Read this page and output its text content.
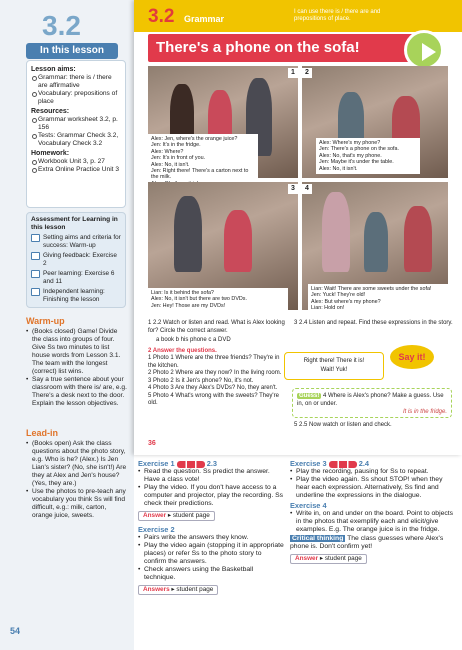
3.2
In this lesson
Lesson aims:
Grammar: there is / there are affirmative
Vocabulary: prepositions of place
Resources:
Grammar worksheet 3.2, p. 156
Tests: Grammar Check 3.2, Vocabulary Check 3.2
Homework:
Workbook Unit 3, p. 27
Extra Online Practice Unit 3
Assessment for Learning in this lesson
Setting aims and criteria for success: Warm-up
Giving feedback: Exercise 2
Peer learning: Exercise 6 and 11
Independent learning: Finishing the lesson
Warm-up
• (Books closed) Game! Divide the class into groups of four. Give Ss two minutes to list house words from Lesson 3.1. The team with the longest (correct) list wins.
• Say a true sentence about your classroom with there is/ are, e.g. There's a desk next to the door. Explain the lesson objectives.
Lead-in
• (Books open) Ask the class questions about the photo story, e.g. Who is he? (Alex.) Is Jen Lian's sister? (No, she isn't!) Are they at Alex and Jen's house? (Yes, they are.)
• Use the photos to pre-teach any vocabulary you think Ss will find difficult, e.g.: milk, carton, orange juice, sweets.
54
3.2 Grammar
I can use there is / there are and prepositions of place.
There's a phone on the sofa!
1
Alex: Jen, where's the orange juice?
Jen: It's in the fridge.
Alex: Where?
Jen: It's in front of you.
Alex: No, it isn't.
Jen: Right there! There's a carton next to the milk.
2
Alex: Where's my phone?
Jen: There's a phone on the sofa.
Alex: No, that's my phone.
Jen: Maybe it's under the table.
Alex: No, it isn't.
3
Lian: Is it behind the sofa?
Alex: No, it isn't but there are two DVDs.
Jen: Hey! Those are my DVDs!
4
Lian: Wait! There are some sweets under the sofa!
Jen: Yuck! They're old!
Alex: But where's my phone?
Lian: Hold on!
1 2.2 Watch or listen and read. What is Alex looking for? Circle the correct answer.
a book b his phone c a DVD
2 Answer the questions.
1 Photo 1 Where are the three friends? They're in the kitchen.
2 Photo 2 Where are they now? In the living room.
3 Photo 2 Is it Jen's phone? No, it's not.
4 Photo 3 Are they Alex's DVDs? No, they aren't.
5 Photo 4 What's wrong with the sweets? They're old.
3 2.4 Listen and repeat. Find these expressions in the story.
Right there! There it is!
Wait! Yuk!
Say it!
Guess! 4 Where is Alex's phone? Make a guess. Use in, on or under.
It is in the fridge.
5 2.5 Now watch or listen and check.
36
Exercise 1	2.3
• Read the question. Ss predict the answer. Have a class vote!
• Play the video. If you don't have access to a computer and projector, play the recording. Ss check their predictions.
Answer ▸ student page
Exercise 2
• Pairs write the answers they know.
• Play the video again (stopping it in appropriate places) or refer Ss to the photo story to confirm the answers.
• Check answers using the Basketball technique.
Answers ▸ student page
Exercise 3	2.4
• Play the recording, pausing for Ss to repeat.
• Play the video again. Ss shout STOP! when they hear each expression. Alternatively, Ss find and underline the expressions in the dialogue.
Exercise 4
• Write in, on and under on the board. Point to objects in the photos that exemplify each and elicit/give examples. E.g. The orange juice is in the fridge.
Critical thinking The class guesses where Alex's phone is. Don't confirm yet!
Answer ▸ student page
